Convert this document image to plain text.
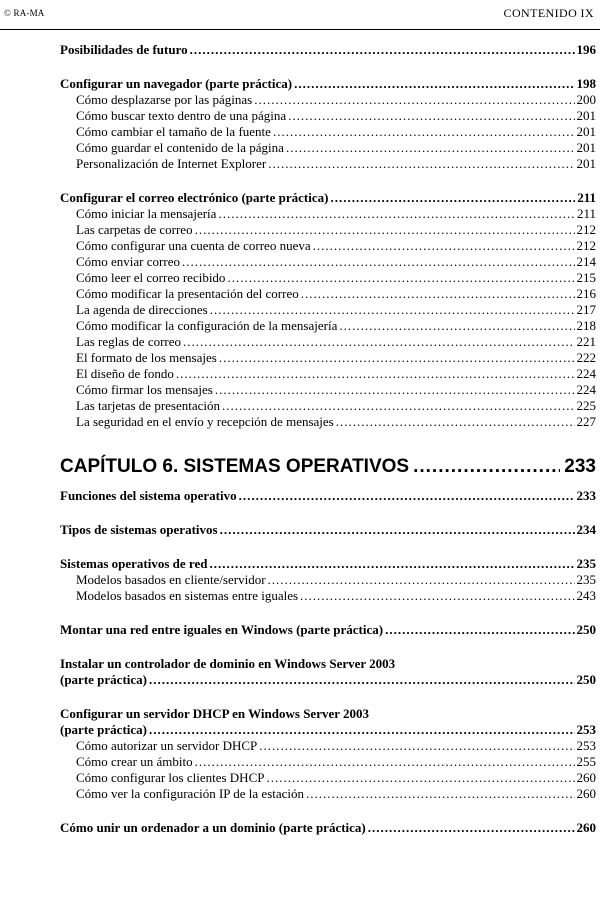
© RA-MA	CONTENIDO IX
Posibilidades de futuro .....	196
Configurar un navegador (parte práctica) .....	198
Cómo desplazarse por las páginas .....	200
Cómo buscar texto dentro de una página .....	201
Cómo cambiar el tamaño de la fuente .....	201
Cómo guardar el contenido de la página .....	201
Personalización de Internet Explorer .....	201
Configurar el correo electrónico (parte práctica) .....	211
Cómo iniciar la mensajería .....	211
Las carpetas de correo .....	212
Cómo configurar una cuenta de correo nueva .....	212
Cómo enviar correo .....	214
Cómo leer el correo recibido .....	215
Cómo modificar la presentación del correo .....	216
La agenda de direcciones .....	217
Cómo modificar la configuración de la mensajería .....	218
Las reglas de correo .....	221
El formato de los mensajes .....	222
El diseño de fondo .....	224
Cómo firmar los mensajes .....	224
Las tarjetas de presentación .....	225
La seguridad en el envío y recepción de mensajes .....	227
CAPÍTULO 6. SISTEMAS OPERATIVOS .....	233
Funciones del sistema operativo .....	233
Tipos de sistemas operativos .....	234
Sistemas operativos de red .....	235
Modelos basados en cliente/servidor .....	235
Modelos basados en sistemas entre iguales .....	243
Montar una red entre iguales en Windows (parte práctica) .....	250
Instalar un controlador de dominio en Windows Server 2003
(parte práctica) .....	250
Configurar un servidor DHCP en Windows Server 2003
(parte práctica) .....	253
Cómo autorizar un servidor DHCP .....	253
Cómo crear un ámbito .....	255
Cómo configurar los clientes DHCP .....	260
Cómo ver la configuración IP de la estación .....	260
Cómo unir un ordenador a un dominio (parte práctica) .....	260
